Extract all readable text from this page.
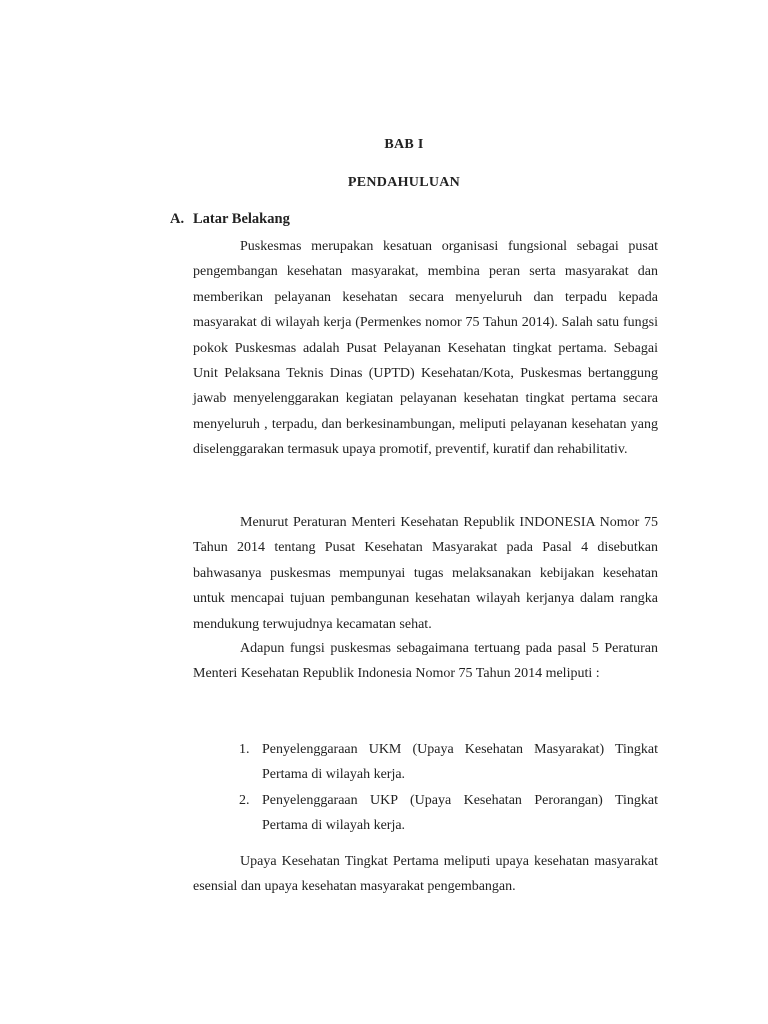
BAB I
PENDAHULUAN
A. Latar Belakang

Puskesmas merupakan kesatuan organisasi fungsional sebagai pusat pengembangan kesehatan masyarakat, membina peran serta masyarakat dan memberikan pelayanan kesehatan secara menyeluruh dan terpadu kepada masyarakat di wilayah kerja (Permenkes nomor 75 Tahun 2014). Salah satu fungsi pokok Puskesmas adalah Pusat Pelayanan Kesehatan tingkat pertama. Sebagai Unit Pelaksana Teknis Dinas (UPTD) Kesehatan/Kota, Puskesmas bertanggung jawab menyelenggarakan kegiatan pelayanan kesehatan tingkat pertama secara menyeluruh , terpadu, dan berkesinambungan, meliputi pelayanan kesehatan yang diselenggarakan termasuk upaya promotif, preventif, kuratif dan rehabilitativ.

Menurut Peraturan Menteri Kesehatan Republik INDONESIA Nomor 75 Tahun 2014 tentang Pusat Kesehatan Masyarakat pada Pasal 4 disebutkan bahwasanya puskesmas mempunyai tugas melaksanakan kebijakan kesehatan untuk mencapai tujuan pembangunan kesehatan wilayah kerjanya dalam rangka mendukung terwujudnya kecamatan sehat.

Adapun fungsi puskesmas sebagaimana tertuang pada pasal 5 Peraturan Menteri Kesehatan Republik Indonesia Nomor 75 Tahun 2014 meliputi :

1. Penyelenggaraan UKM (Upaya Kesehatan Masyarakat) Tingkat Pertama di wilayah kerja.
2. Penyelenggaraan UKP (Upaya Kesehatan Perorangan) Tingkat Pertama di wilayah kerja.

Upaya Kesehatan Tingkat Pertama meliputi upaya kesehatan masyarakat esensial dan upaya kesehatan masyarakat pengembangan.
